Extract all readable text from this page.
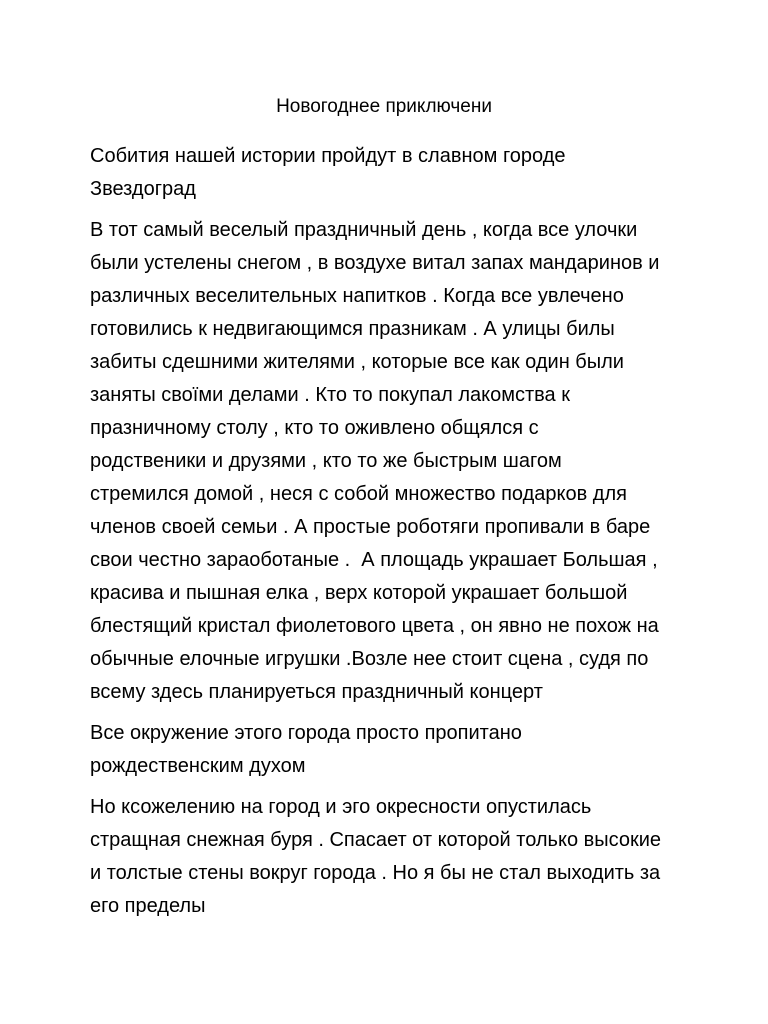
Новогоднее приключени

Собития нашей истории пройдут в славном городе
Звездоград

В тот самый веселый праздничный день , когда все улочки
были устелены снегом , в воздухе витал запах мандаринов и
различных веселительных напитков . Когда все увлечено
готовились к недвигающимся празникам . А улицы билы
забиты сдешними жителями , которые все как один были
заняты своїми делами . Кто то покупал лакомства к
празничному столу , кто то оживлено общялся с
родственики и друзями , кто то же быстрым шагом
стремился домой , неся с собой множество подарков для
членов своей семьи . А простые роботяги пропивали в баре
свои честно зараоботаные .  А площадь украшает Большая ,
красива и пышная елка , верх которой украшает большой
блестящий кристал фиолетового цвета , он явно не похож на
обычные елочные игрушки .Возле нее стоит сцена , судя по
всему здесь планируеться праздничный концерт

Все окружение этого города просто пропитано
рождественским духом

Но ксожелению на город и эго окресности опустилась
стращная снежная буря . Спасает от которой только высокие
и толстые стены вокруг города . Но я бы не стал выходить за
его пределы
